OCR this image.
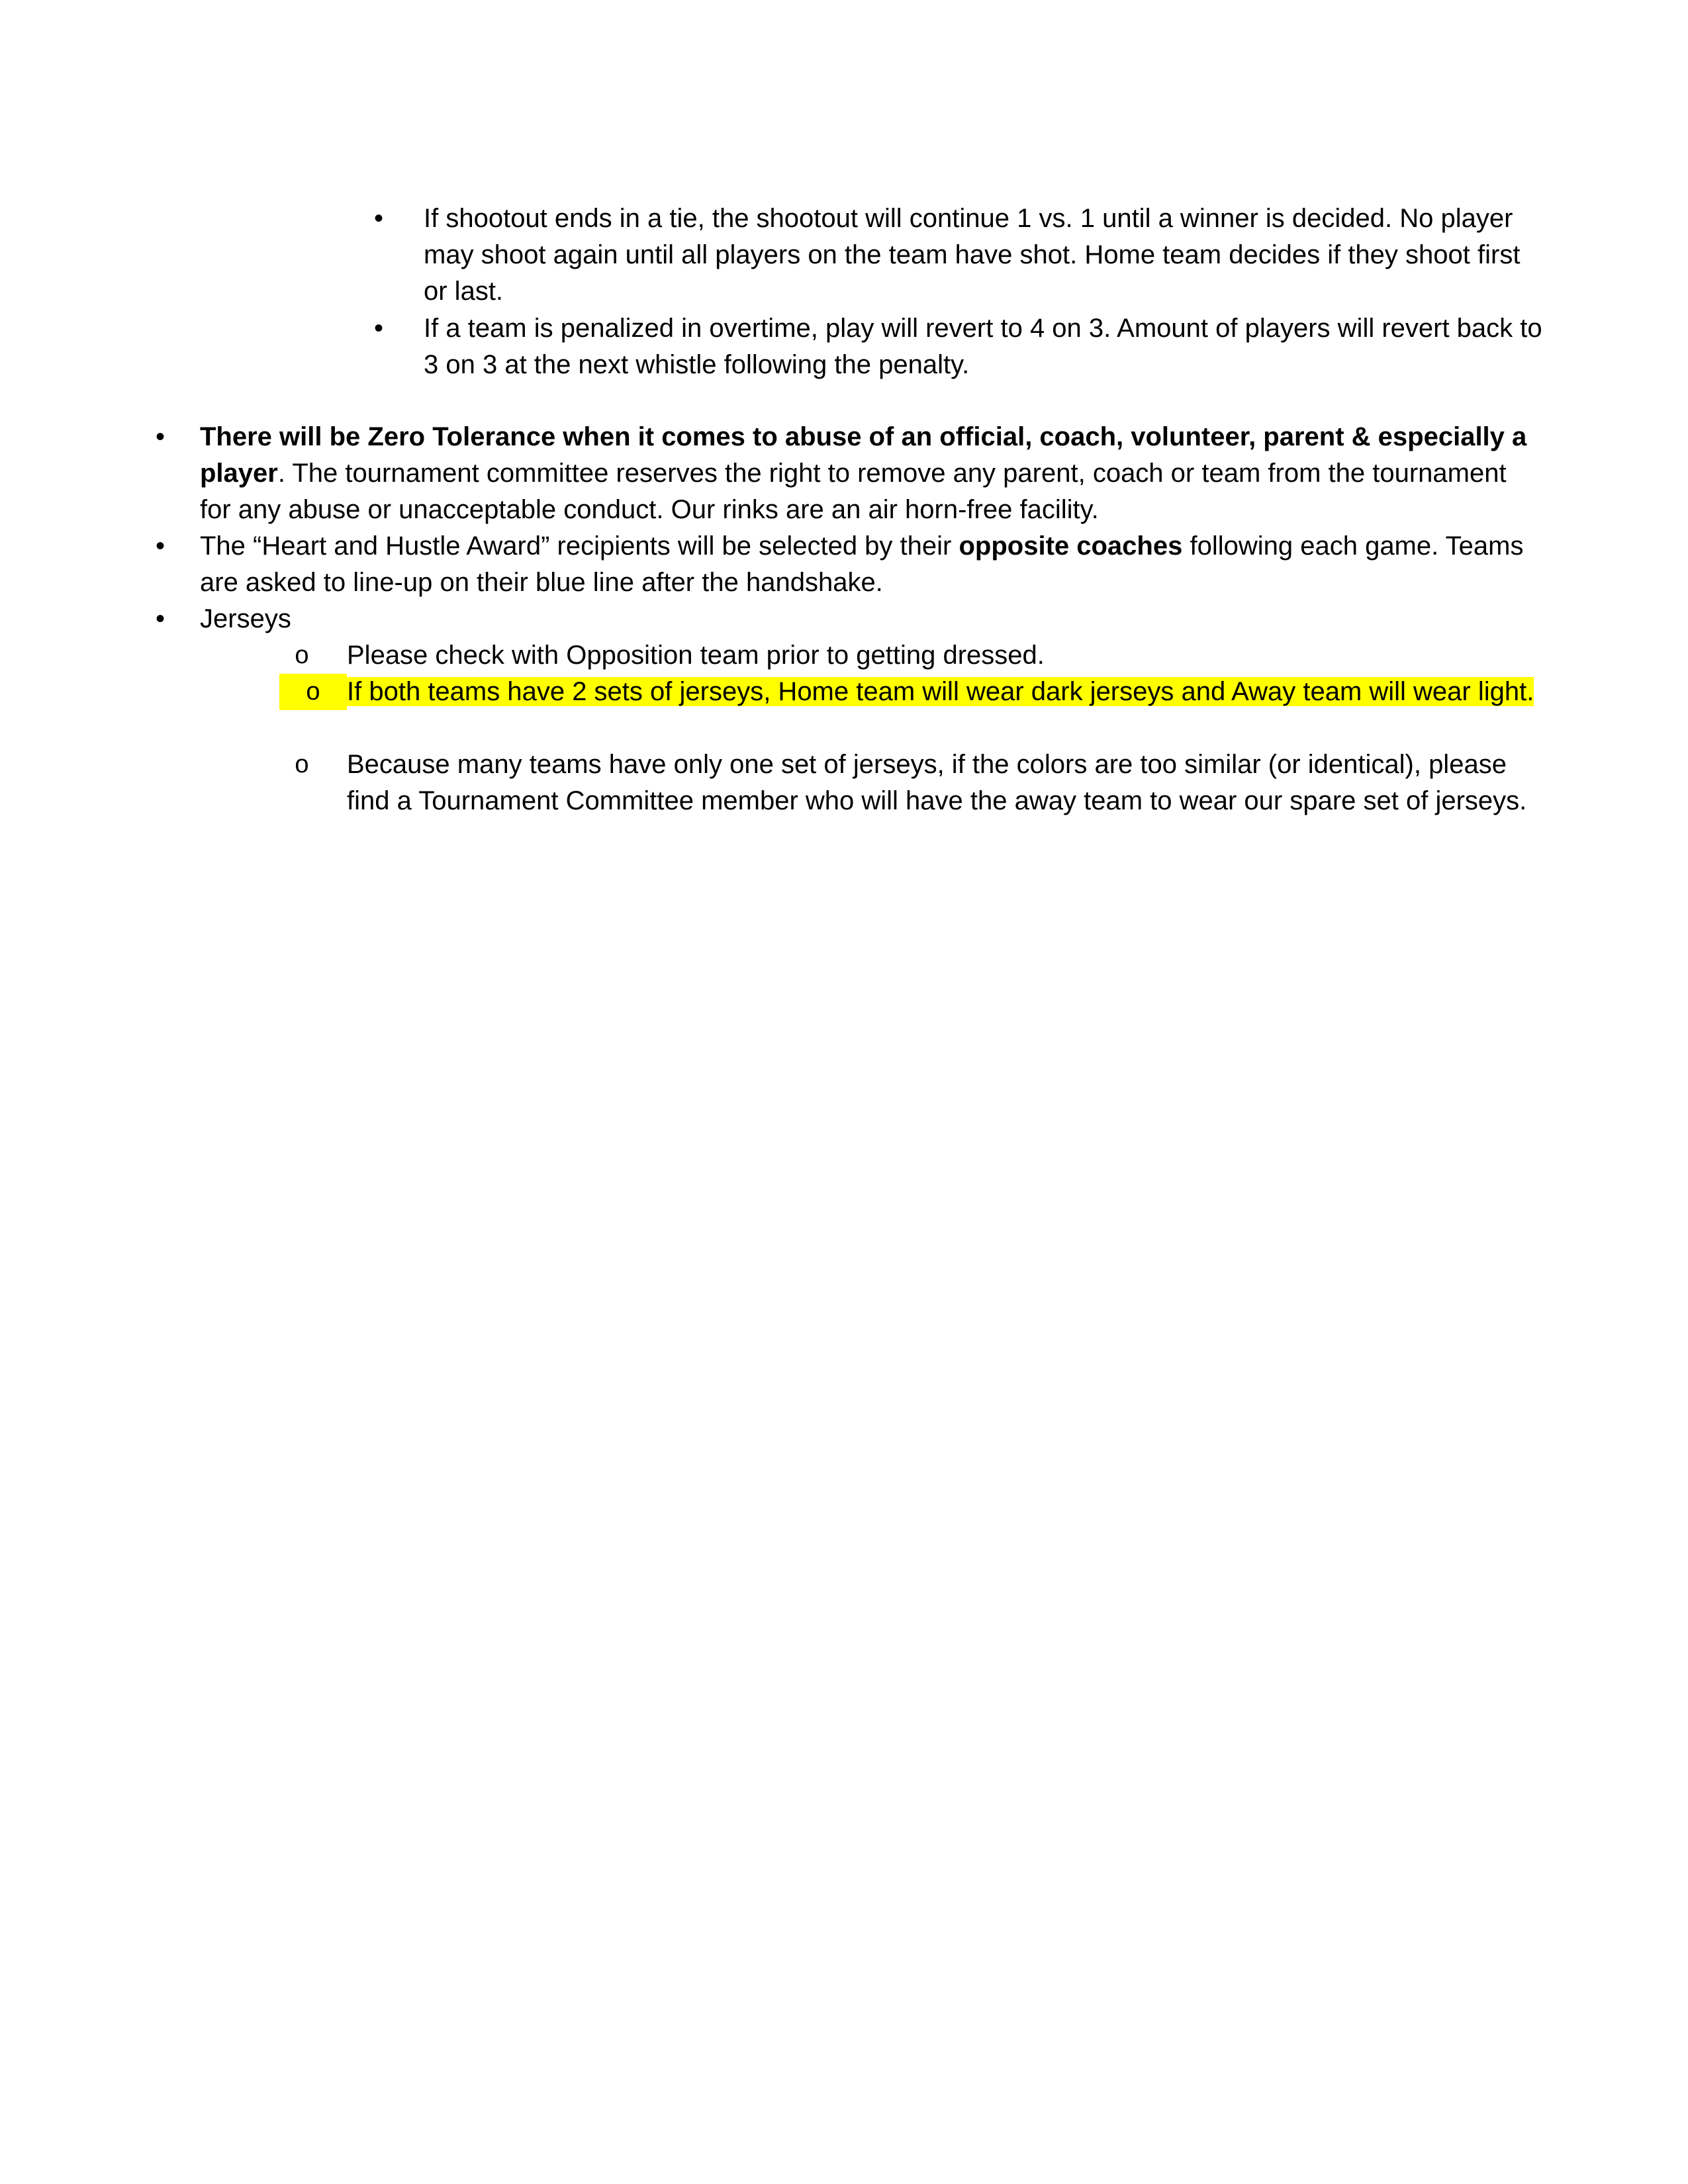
•	If shootout ends in a tie, the shootout will continue 1 vs. 1 until a winner is decided. No player may shoot again until all players on the team have shot. Home team decides if they shoot first or last.
•	If a team is penalized in overtime, play will revert to 4 on 3. Amount of players will revert back to 3 on 3 at the next whistle following the penalty.
•	There will be Zero Tolerance when it comes to abuse of an official, coach, volunteer, parent & especially a player. The tournament committee reserves the right to remove any parent, coach or team from the tournament for any abuse or unacceptable conduct. Our rinks are an air horn-free facility.
•	The “Heart and Hustle Award” recipients will be selected by their opposite coaches following each game. Teams are asked to line-up on their blue line after the handshake.
•	Jerseys
o Please check with Opposition team prior to getting dressed.
o	If both teams have 2 sets of jerseys, Home team will wear dark jerseys and Away team will wear light.
o Because many teams have only one set of jerseys, if the colors are too similar (or identical), please find a Tournament Committee member who will have the away team to wear our spare set of jerseys.
